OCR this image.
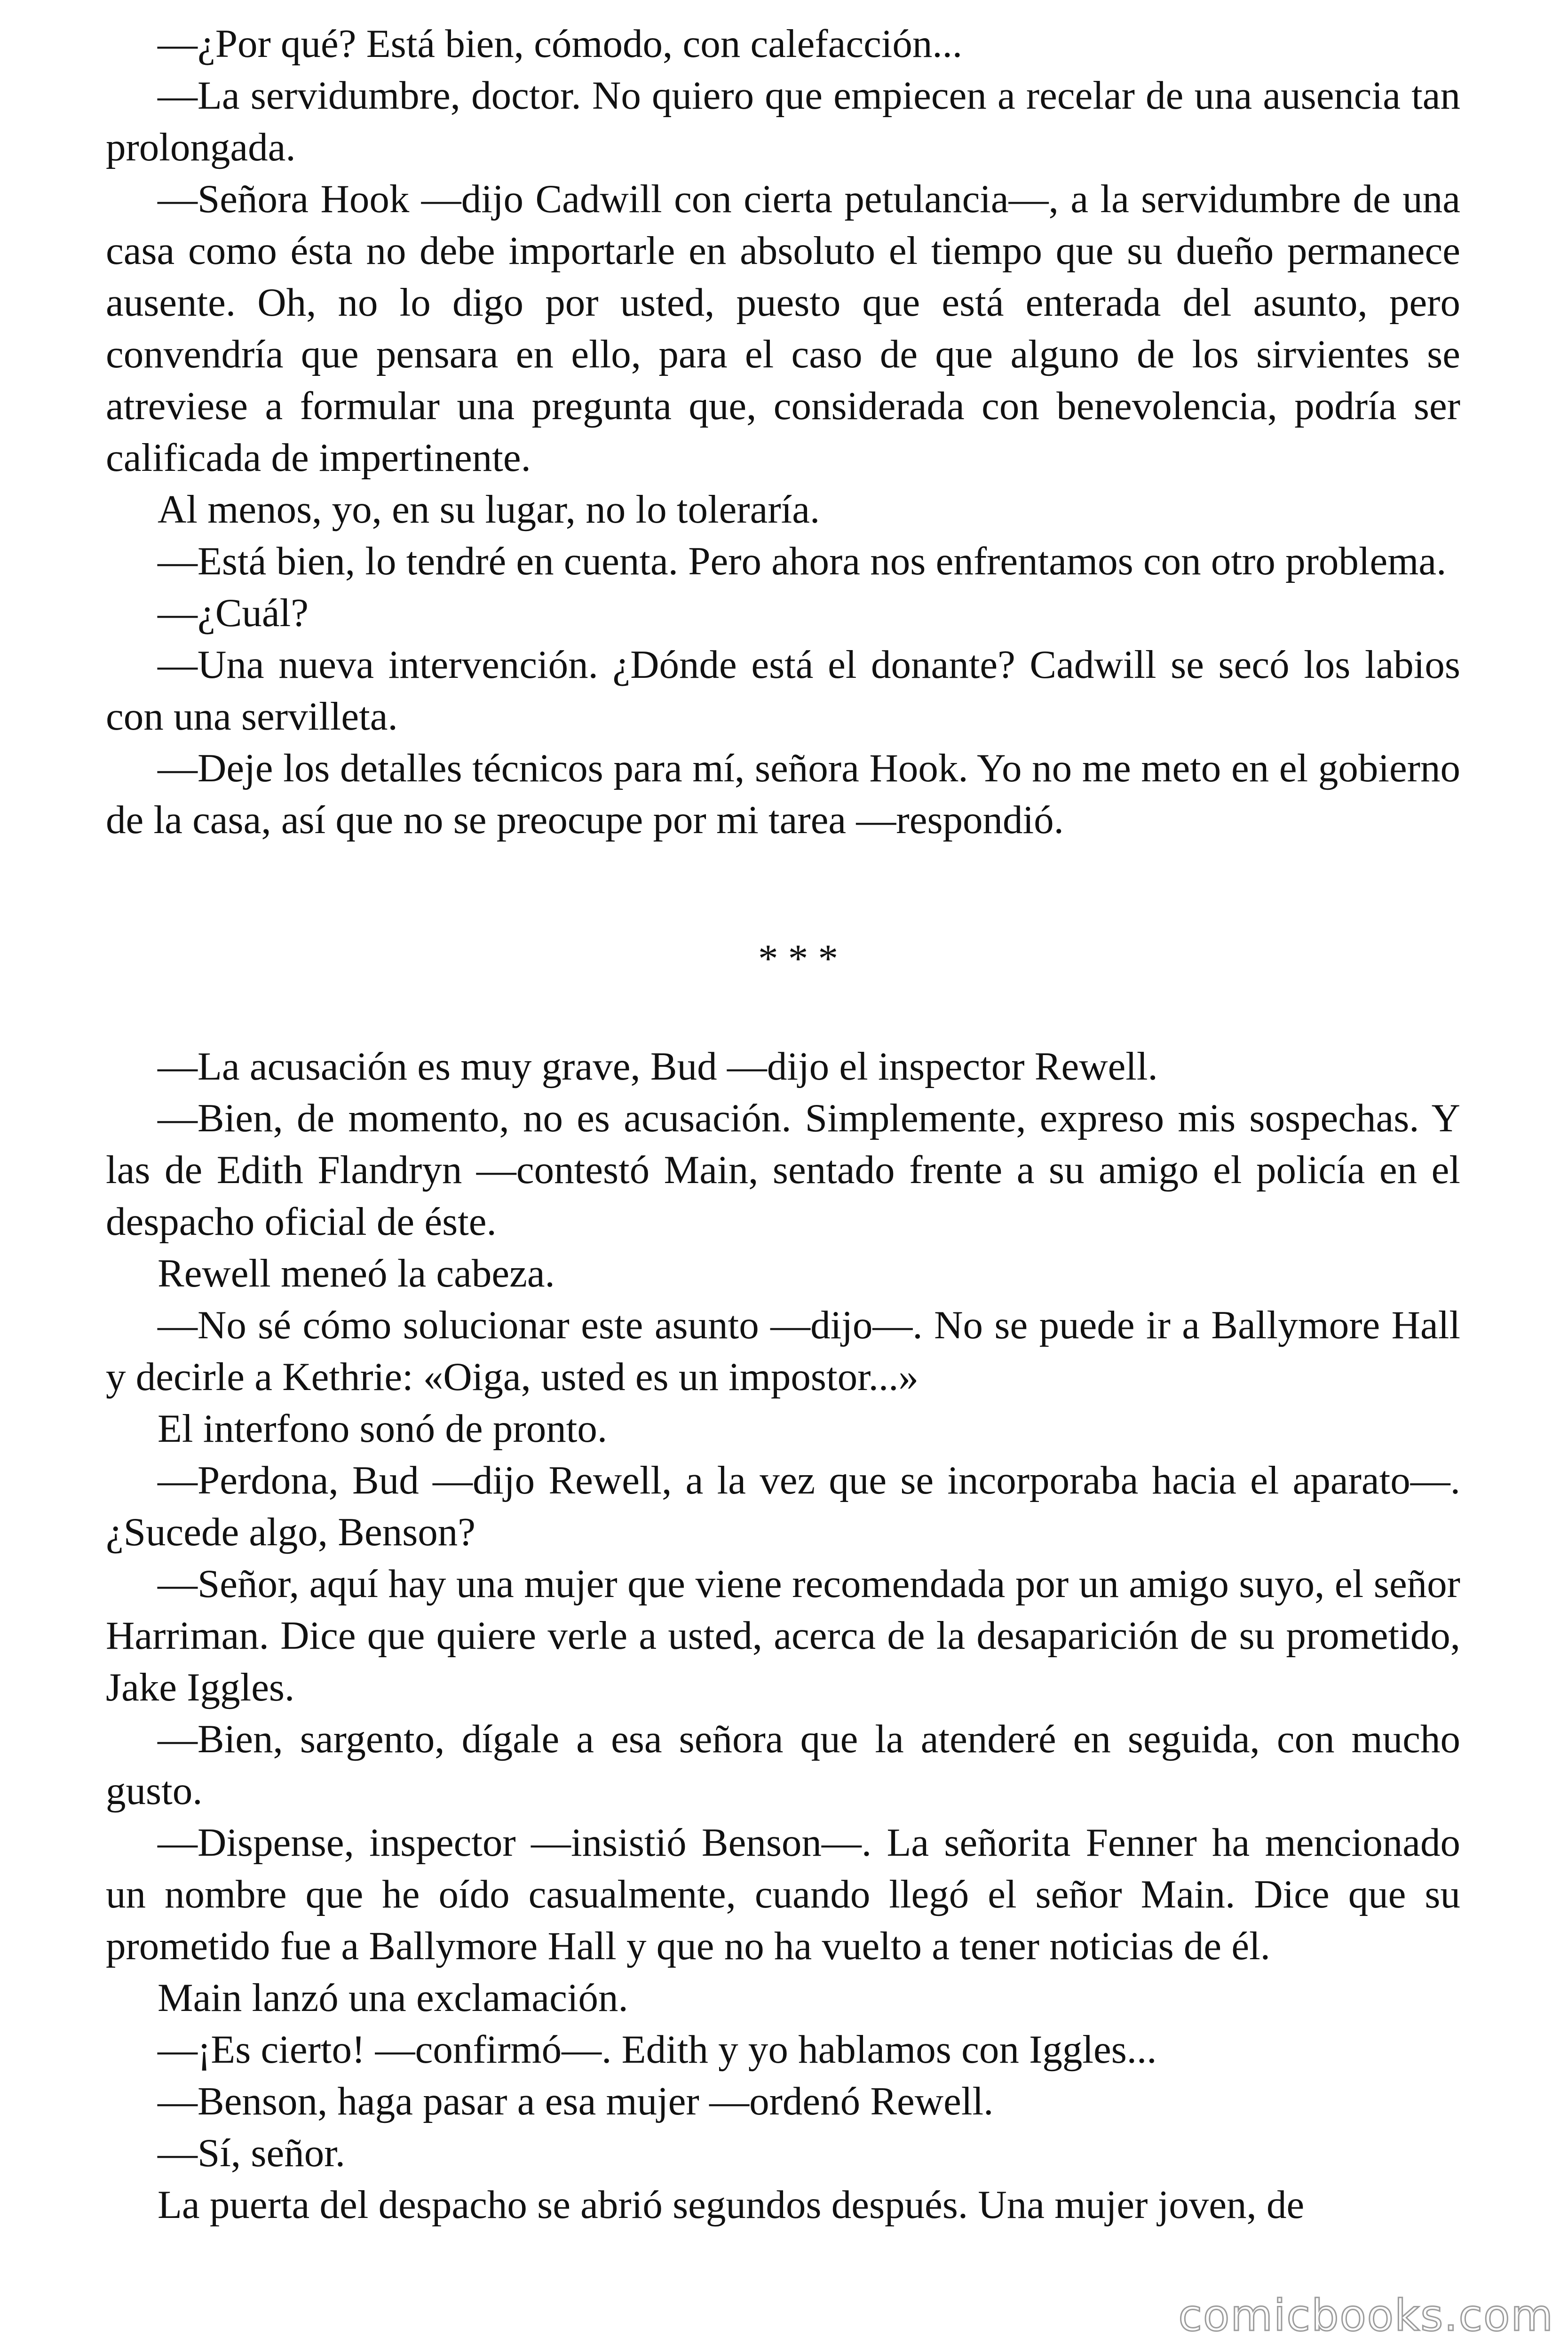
—¿Por qué? Está bien, cómodo, con calefacción...

—La servidumbre, doctor. No quiero que empiecen a recelar de una ausencia tan prolongada.

—Señora Hook —dijo Cadwill con cierta petulancia—, a la servidumbre de una casa como ésta no debe importarle en absoluto el tiempo que su dueño permanece ausente. Oh, no lo digo por usted, puesto que está enterada del asunto, pero convendría que pensara en ello, para el caso de que alguno de los sirvientes se atreviese a formular una pregunta que, considerada con benevolencia, podría ser calificada de impertinente.

Al menos, yo, en su lugar, no lo toleraría.

—Está bien, lo tendré en cuenta. Pero ahora nos enfrentamos con otro problema.

—¿Cuál?

—Una nueva intervención. ¿Dónde está el donante? Cadwill se secó los labios con una servilleta.

—Deje los detalles técnicos para mí, señora Hook. Yo no me meto en el gobierno de la casa, así que no se preocupe por mi tarea —respondió.

* * *

—La acusación es muy grave, Bud —dijo el inspector Rewell.

—Bien, de momento, no es acusación. Simplemente, expreso mis sospechas. Y las de Edith Flandryn —contestó Main, sentado frente a su amigo el policía en el despacho oficial de éste.

Rewell meneó la cabeza.

—No sé cómo solucionar este asunto —dijo—. No se puede ir a Ballymore Hall y decirle a Kethrie: «Oiga, usted es un impostor...»

El interfono sonó de pronto.

—Perdona, Bud —dijo Rewell, a la vez que se incorporaba hacia el aparato—. ¿Sucede algo, Benson?

—Señor, aquí hay una mujer que viene recomendada por un amigo suyo, el señor Harriman. Dice que quiere verle a usted, acerca de la desaparición de su prometido, Jake Iggles.

—Bien, sargento, dígale a esa señora que la atenderé en seguida, con mucho gusto.

—Dispense, inspector —insistió Benson—. La señorita Fenner ha mencionado un nombre que he oído casualmente, cuando llegó el señor Main. Dice que su prometido fue a Ballymore Hall y que no ha vuelto a tener noticias de él.

Main lanzó una exclamación.

—¡Es cierto! —confirmó—. Edith y yo hablamos con Iggles...

—Benson, haga pasar a esa mujer —ordenó Rewell.

—Sí, señor.

La puerta del despacho se abrió segundos después. Una mujer joven, de

comicbooks.com
